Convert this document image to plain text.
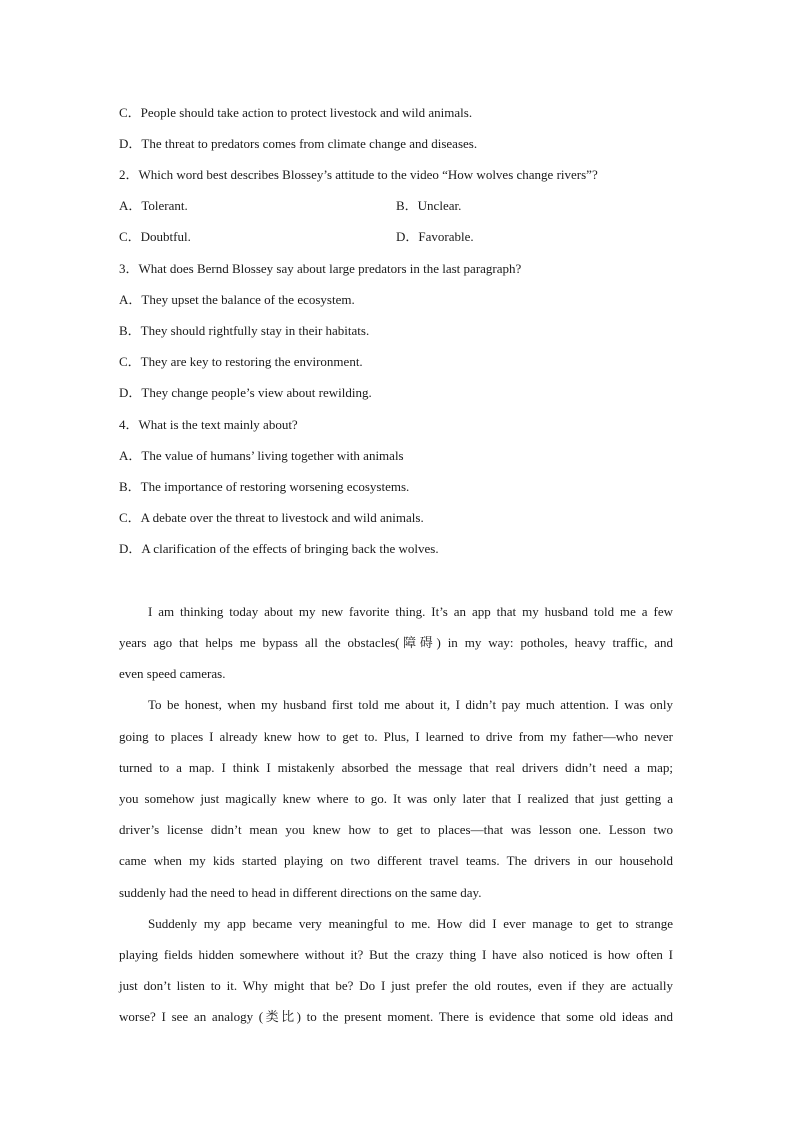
C．People should take action to protect livestock and wild animals.
D．The threat to predators comes from climate change and diseases.
2．Which word best describes Blossey’s attitude to the video “How wolves change rivers”?
A．Tolerant.	B．Unclear.
C．Doubtful.	D．Favorable.
3．What does Bernd Blossey say about large predators in the last paragraph?
A．They upset the balance of the ecosystem.
B．They should rightfully stay in their habitats.
C．They are key to restoring the environment.
D．They change people’s view about rewilding.
4．What is the text mainly about?
A．The value of humans’ living together with animals
B．The importance of restoring worsening ecosystems.
C．A debate over the threat to livestock and wild animals.
D．A clarification of the effects of bringing back the wolves.
I am thinking today about my new favorite thing. It’s an app that my husband told me a few
years ago that helps me bypass all the obstacles(障碍) in my way: potholes, heavy traffic, and
even speed cameras.
To be honest, when my husband first told me about it, I didn’t pay much attention. I was only
going to places I already knew how to get to. Plus, I learned to drive from my father—who never
turned to a map. I think I mistakenly absorbed the message that real drivers didn’t need a map;
you somehow just magically knew where to go. It was only later that I realized that just getting a
driver’s license didn’t mean you knew how to get to places—that was lesson one. Lesson two
came when my kids started playing on two different travel teams. The drivers in our household
suddenly had the need to head in different directions on the same day.
Suddenly my app became very meaningful to me. How did I ever manage to get to strange
playing fields hidden somewhere without it? But the crazy thing I have also noticed is how often I
just don’t listen to it. Why might that be? Do I just prefer the old routes, even if they are actually
worse? I see an analogy (类比) to the present moment. There is evidence that some old ideas and
